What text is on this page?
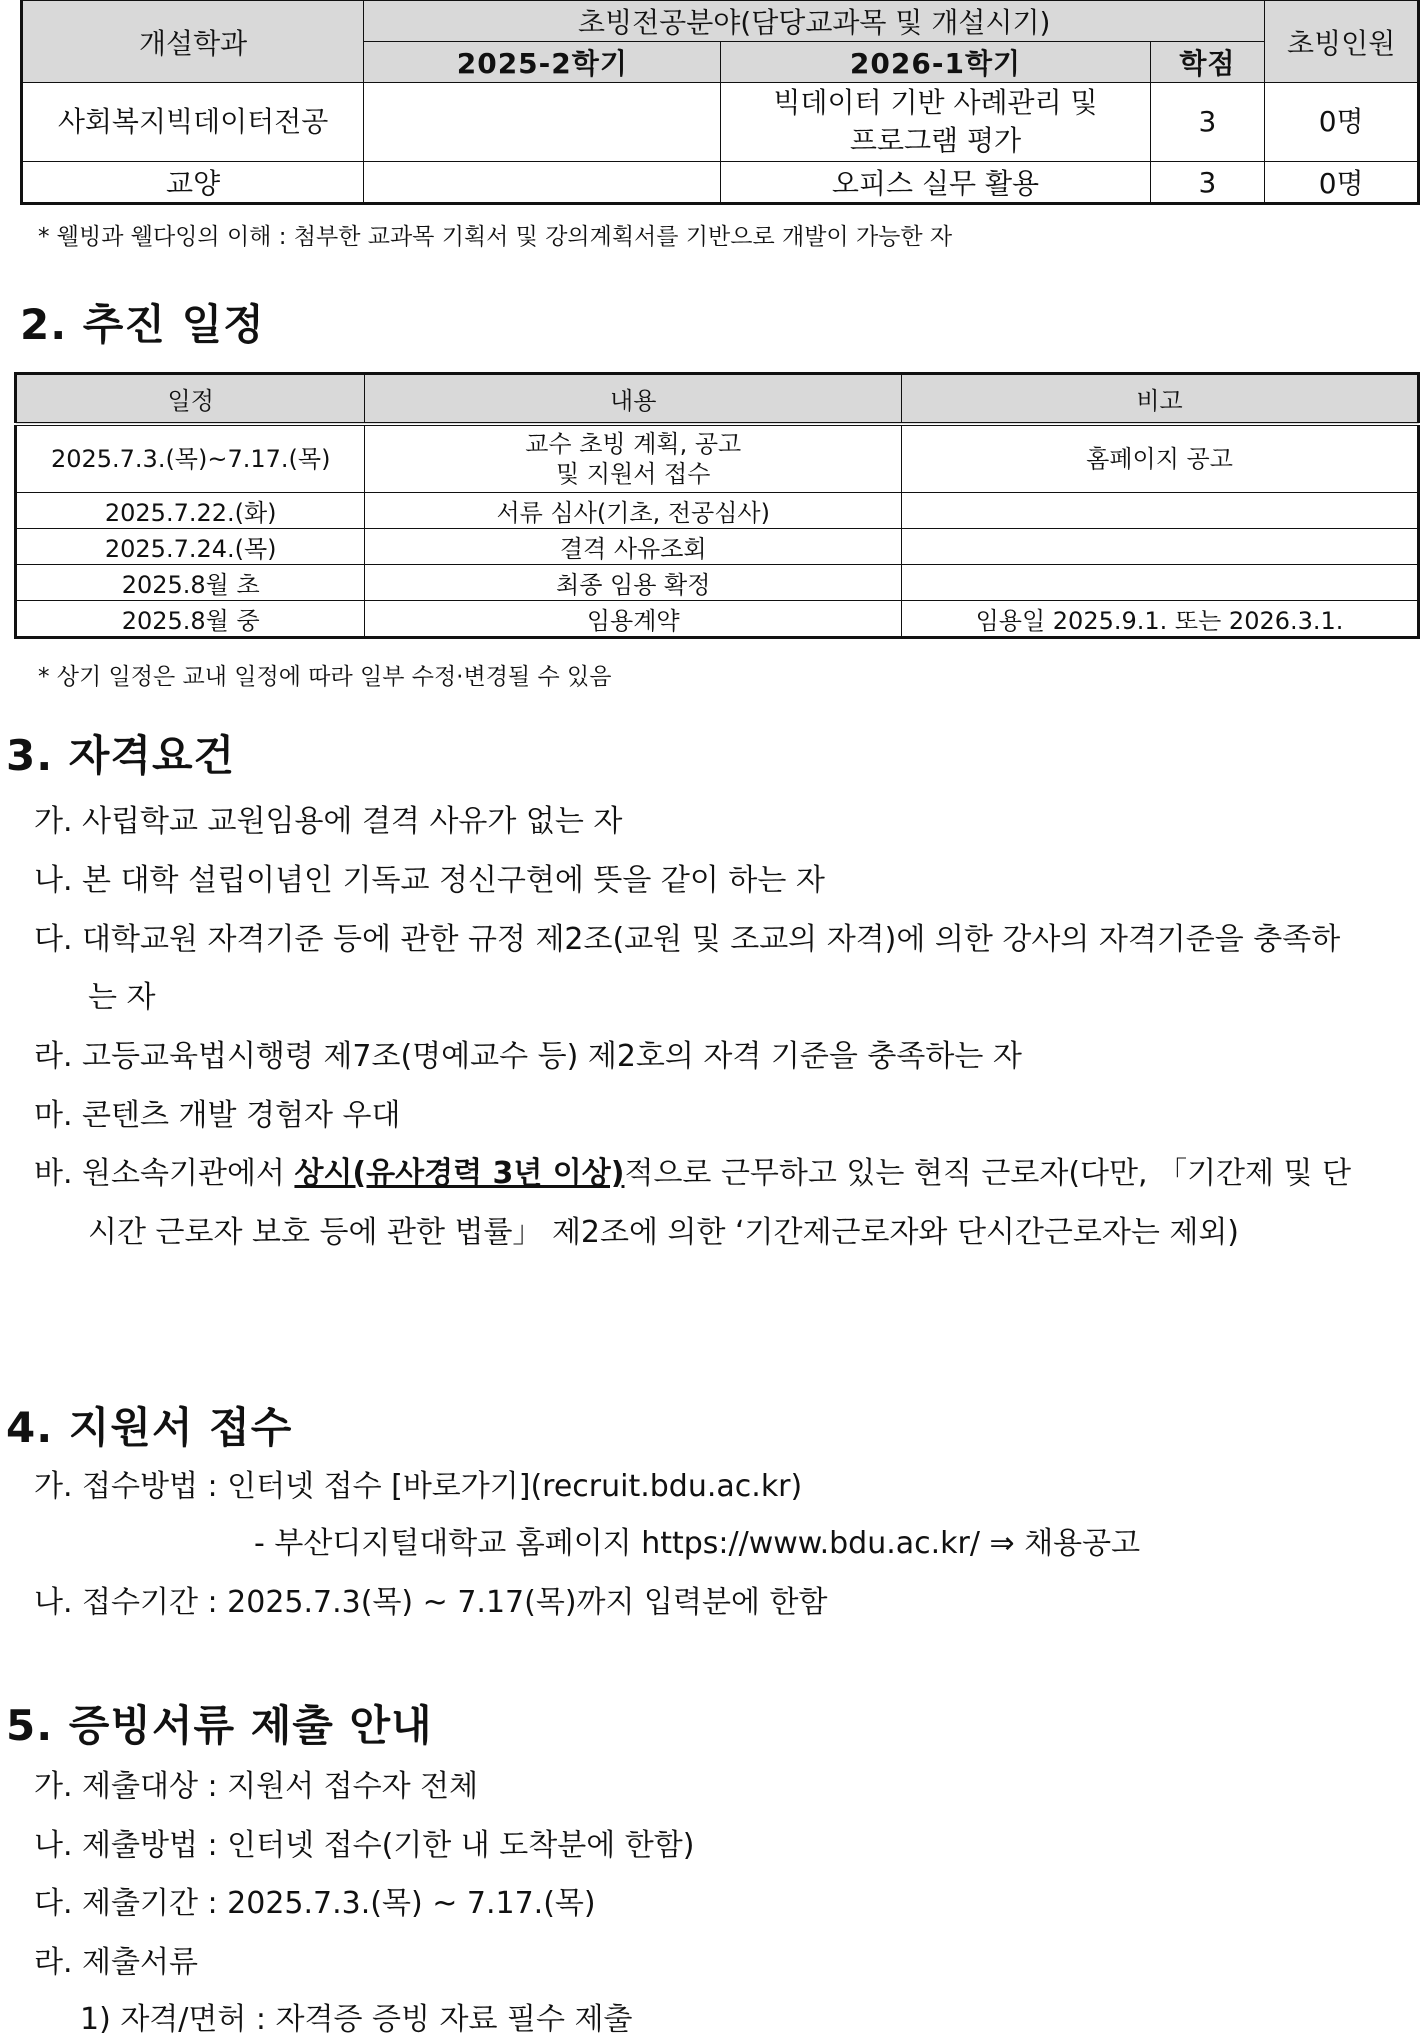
개설학과	초빙전공분야(담당교과목 및 개설시기)			초빙인원
	2025-2학기	2026-1학기	학점	
사회복지빅데이터전공		빅데이터 기반 사례관리 및
프로그램 평가	3	0명
교양		오피스 실무 활용	3	0명
* 웰빙과 웰다잉의 이해 : 첨부한 교과목 기획서 및 강의계획서를 기반으로 개발이 가능한 자
2. 추진 일정
일정	내용	비고
2025.7.3.(목)~7.17.(목)	교수 초빙 계획, 공고
및 지원서 접수	홈페이지 공고
2025.7.22.(화)	서류 심사(기초, 전공심사)	
2025.7.24.(목)	결격 사유조회	
2025.8월 초	최종 임용 확정	
2025.8월 중	임용계약	임용일 2025.9.1. 또는 2026.3.1.
* 상기 일정은 교내 일정에 따라 일부 수정·변경될 수 있음
3. 자격요건
가. 사립학교 교원임용에 결격 사유가 없는 자
나. 본 대학 설립이념인 기독교 정신구현에 뜻을 같이 하는 자
다. 대학교원 자격기준 등에 관한 규정 제2조(교원 및 조교의 자격)에 의한 강사의 자격기준을 충족하
는 자
라. 고등교육법시행령 제7조(명예교수 등) 제2호의 자격 기준을 충족하는 자
마. 콘텐츠 개발 경험자 우대
바. 원소속기관에서 상시(유사경력 3년 이상)적으로 근무하고 있는 현직 근로자(다만, 「기간제 및 단
시간 근로자 보호 등에 관한 법률」 제2조에 의한 ‘기간제근로자와 단시간근로자는 제외)
4. 지원서 접수
가. 접수방법 : 인터넷 접수 [바로가기](recruit.bdu.ac.kr)
- 부산디지털대학교 홈페이지 https://www.bdu.ac.kr/ ⇒ 채용공고
나. 접수기간 : 2025.7.3(목) ~ 7.17(목)까지 입력분에 한함
5. 증빙서류 제출 안내
가. 제출대상 : 지원서 접수자 전체
나. 제출방법 : 인터넷 접수(기한 내 도착분에 한함)
다. 제출기간 : 2025.7.3.(목) ~ 7.17.(목)
라. 제출서류
1) 자격/면허 : 자격증 증빙 자료 필수 제출
